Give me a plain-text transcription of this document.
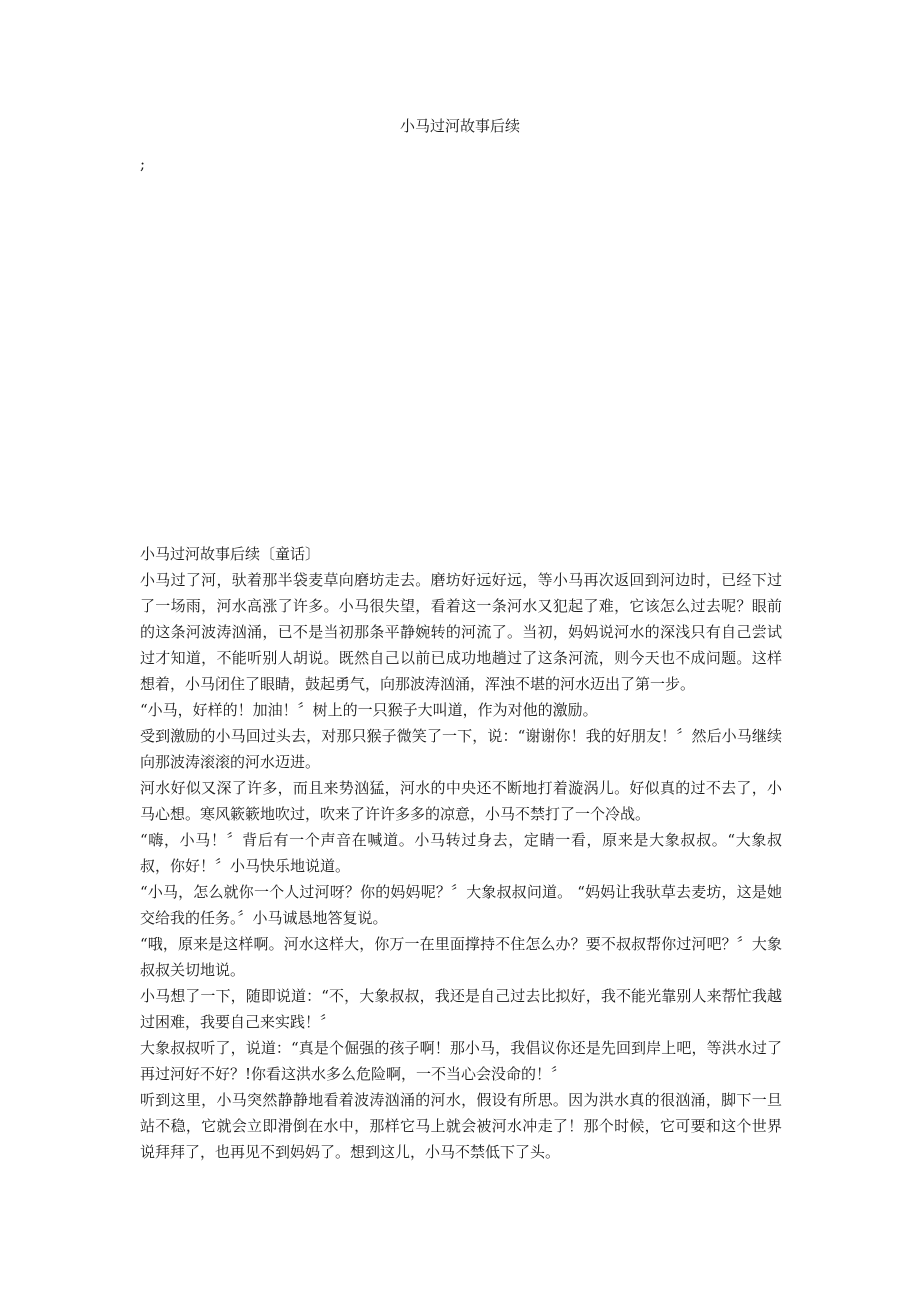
小马过河故事后续
;

小马过河故事后续〔童话〕

小马过了河，驮着那半袋麦草向磨坊走去。磨坊好远好远，等小马再次返回到河边时，已经下过了一场雨，河水高涨了许多。小马很失望，看着这一条河水又犯起了难，它该怎么过去呢？眼前的这条河波涛汹涌，已不是当初那条平静婉转的河流了。当初，妈妈说河水的深浅只有自己尝试过才知道，不能听别人胡说。既然自己以前已成功地趟过了这条河流，则今天也不成问题。这样想着，小马闭住了眼睛，鼓起勇气，向那波涛汹涌，浑浊不堪的河水迈出了第一步。

“小马，好样的！加油！〞树上的一只猴子大叫道，作为对他的激励。

受到激励的小马回过头去，对那只猴子微笑了一下，说：“谢谢你！我的好朋友！〞然后小马继续向那波涛滚滚的河水迈进。

河水好似又深了许多，而且来势汹猛，河水的中央还不断地打着漩涡儿。好似真的过不去了，小马心想。寒风簌簌地吹过，吹来了许许多多的凉意，小马不禁打了一个冷战。

“嗨，小马！〞背后有一个声音在喊道。小马转过身去，定睛一看，原来是大象叔叔。“大象叔叔，你好！〞小马快乐地说道。

“小马，怎么就你一个人过河呀？你的妈妈呢？〞大象叔叔问道。 “妈妈让我驮草去麦坊，这是她交给我的任务。〞小马诚恳地答复说。

“哦，原来是这样啊。河水这样大，你万一在里面撑持不住怎么办？要不叔叔帮你过河吧？〞大象叔叔关切地说。

小马想了一下，随即说道：“不，大象叔叔，我还是自己过去比拟好，我不能光靠别人来帮忙我越过困难，我要自己来实践！〞

大象叔叔听了，说道：“真是个倔强的孩子啊！那小马，我倡议你还是先回到岸上吧，等洪水过了再过河好不好？!你看这洪水多么危险啊，一不当心会没命的！〞

听到这里，小马突然静静地看着波涛汹涌的河水，假设有所思。因为洪水真的很汹涌，脚下一旦站不稳，它就会立即滑倒在水中，那样它马上就会被河水冲走了！那个时候，它可要和这个世界说拜拜了，也再见不到妈妈了。想到这儿，小马不禁低下了头。
